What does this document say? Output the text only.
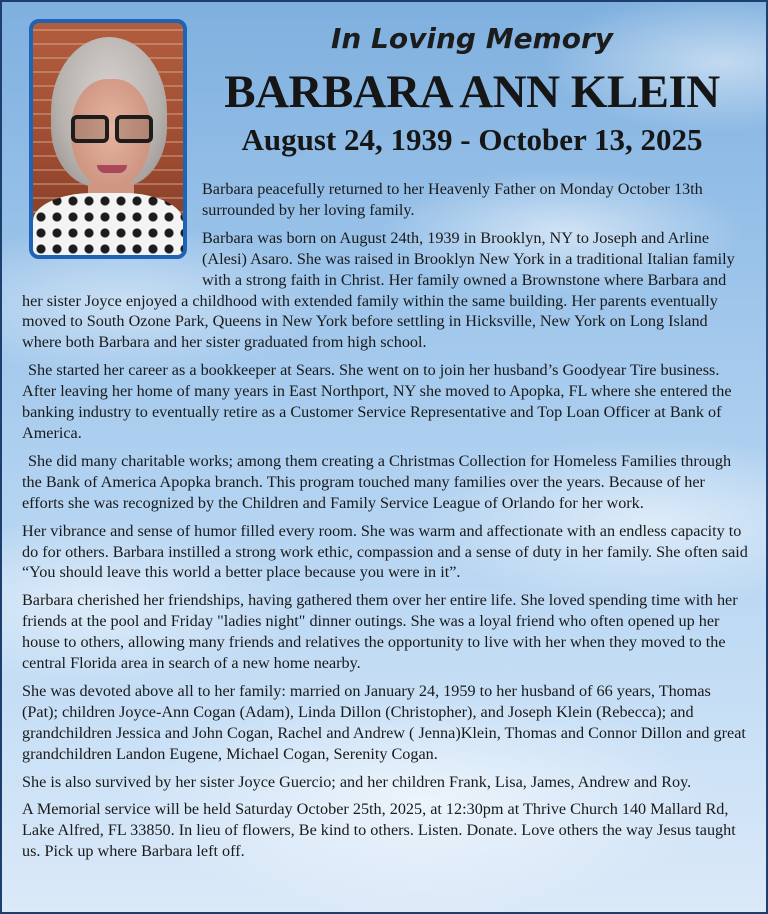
In Loving Memory
BARBARA ANN KLEIN
August 24, 1939 - October 13, 2025

Barbara peacefully returned to her Heavenly Father on Monday October 13th surrounded by her loving family.

Barbara was born on August 24th, 1939 in Brooklyn, NY to Joseph and Arline (Alesi) Asaro. She was raised in Brooklyn New York in a traditional Italian family with a strong faith in Christ. Her family owned a Brownstone where Barbara and her sister Joyce enjoyed a childhood with extended family within the same building. Her parents eventually moved to South Ozone Park, Queens in New York before settling in Hicksville, New York on Long Island where both Barbara and her sister graduated from high school.

She started her career as a bookkeeper at Sears. She went on to join her husband’s Goodyear Tire business. After leaving her home of many years in East Northport, NY she moved to Apopka, FL where she entered the banking industry to eventually retire as a Customer Service Representative and Top Loan Officer at Bank of America.

She did many charitable works; among them creating a Christmas Collection for Homeless Families through the Bank of America Apopka branch. This program touched many families over the years. Because of her efforts she was recognized by the Children and Family Service League of Orlando for her work.

Her vibrance and sense of humor filled every room. She was warm and affectionate with an endless capacity to do for others. Barbara instilled a strong work ethic, compassion and a sense of duty in her family. She often said “You should leave this world a better place because you were in it”.

Barbara cherished her friendships, having gathered them over her entire life. She loved spending time with her friends at the pool and Friday "ladies night" dinner outings. She was a loyal friend who often opened up her house to others, allowing many friends and relatives the opportunity to live with her when they moved to the central Florida area in search of a new home nearby.

She was devoted above all to her family: married on January 24, 1959 to her husband of 66 years, Thomas (Pat); children Joyce-Ann Cogan (Adam), Linda Dillon (Christopher), and Joseph Klein (Rebecca); and grandchildren Jessica and John Cogan, Rachel and Andrew ( Jenna)Klein, Thomas and Connor Dillon and great grandchildren Landon Eugene, Michael Cogan, Serenity Cogan.

She is also survived by her sister Joyce Guercio; and her children Frank, Lisa, James, Andrew and Roy.

A Memorial service will be held Saturday October 25th, 2025, at 12:30pm at Thrive Church 140 Mallard Rd, Lake Alfred, FL 33850. In lieu of flowers, Be kind to others. Listen. Donate. Love others the way Jesus taught us. Pick up where Barbara left off.
